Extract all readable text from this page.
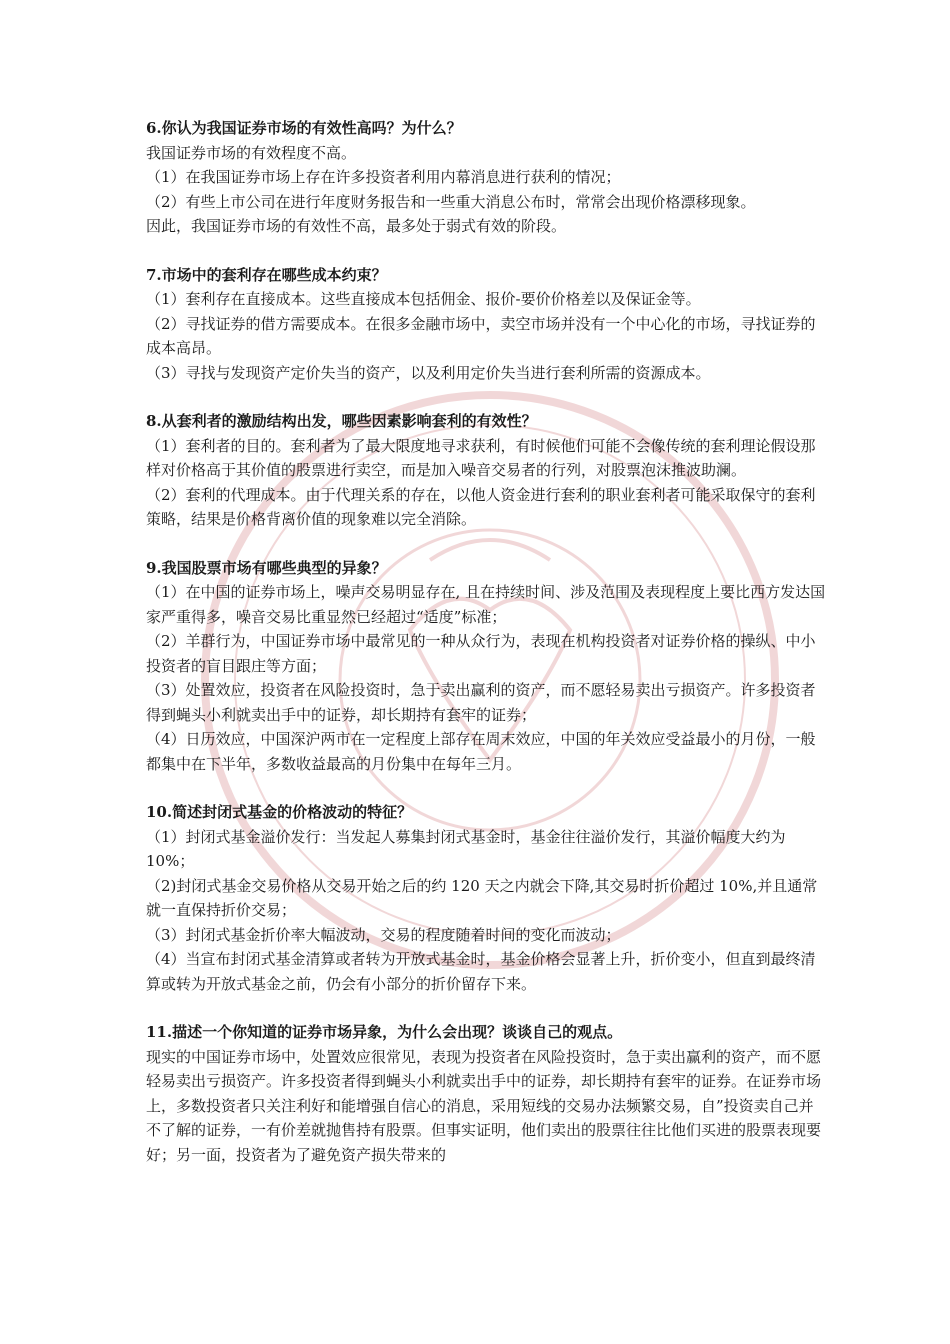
6.你认为我国证券市场的有效性高吗？为什么？

我国证券市场的有效程度不高。

（1）在我国证券市场上存在许多投资者利用内幕消息进行获利的情况；

（2）有些上市公司在进行年度财务报告和一些重大消息公布时，常常会出现价格漂移现象。

因此，我国证券市场的有效性不高，最多处于弱式有效的阶段。

7.市场中的套利存在哪些成本约束？

（1）套利存在直接成本。这些直接成本包括佣金、报价-要价价格差以及保证金等。

（2）寻找证券的借方需要成本。在很多金融市场中，卖空市场并没有一个中心化的市场，寻找证券的成本高昂。

（3）寻找与发现资产定价失当的资产，以及利用定价失当进行套利所需的资源成本。

8.从套利者的激励结构出发，哪些因素影响套利的有效性？

（1）套利者的目的。套利者为了最大限度地寻求获利，有时候他们可能不会像传统的套利理论假设那样对价格高于其价值的股票进行卖空，而是加入噪音交易者的行列，对股票泡沫推波助澜。

（2）套利的代理成本。由于代理关系的存在，以他人资金进行套利的职业套利者可能采取保守的套利策略，结果是价格背离价值的现象难以完全消除。

9.我国股票市场有哪些典型的异象？

（1）在中国的证券市场上，噪声交易明显存在, 且在持续时间、涉及范围及表现程度上要比西方发达国家严重得多，噪音交易比重显然已经超过“适度”标准；

（2）羊群行为，中国证券市场中最常见的一种从众行为，表现在机构投资者对证券价格的操纵、中小投资者的盲目跟庄等方面；

（3）处置效应，投资者在风险投资时，急于卖出赢利的资产，而不愿轻易卖出亏损资产。许多投资者得到蝇头小利就卖出手中的证券，却长期持有套牢的证券；

（4）日历效应，中国深沪两市在一定程度上部存在周末效应，中国的年关效应受益最小的月份，一般都集中在下半年，多数收益最高的月份集中在每年三月。

10.简述封闭式基金的价格波动的特征？

（1）封闭式基金溢价发行：当发起人募集封闭式基金时，基金往往溢价发行，其溢价幅度大约为 10%；

（2)封闭式基金交易价格从交易开始之后的约 120 天之内就会下降,其交易时折价超过 10%,并且通常就一直保持折价交易；

（3）封闭式基金折价率大幅波动，交易的程度随着时间的变化而波动；

（4）当宣布封闭式基金清算或者转为开放式基金时，基金价格会显著上升，折价变小，但直到最终清算或转为开放式基金之前，仍会有小部分的折价留存下来。

11.描述一个你知道的证券市场异象，为什么会出现？谈谈自己的观点。

现实的中国证券市场中，处置效应很常见，表现为投资者在风险投资时，急于卖出赢利的资产，而不愿轻易卖出亏损资产。许多投资者得到蝇头小利就卖出手中的证券，却长期持有套牢的证券。在证券市场上，多数投资者只关注利好和能增强自信心的消息，采用短线的交易办法频繁交易，自”投资卖自己并不了解的证券，一有价差就抛售持有股票。但事实证明，他们卖出的股票往往比他们买进的股票表现要好；另一面，投资者为了避免资产损失带来的
